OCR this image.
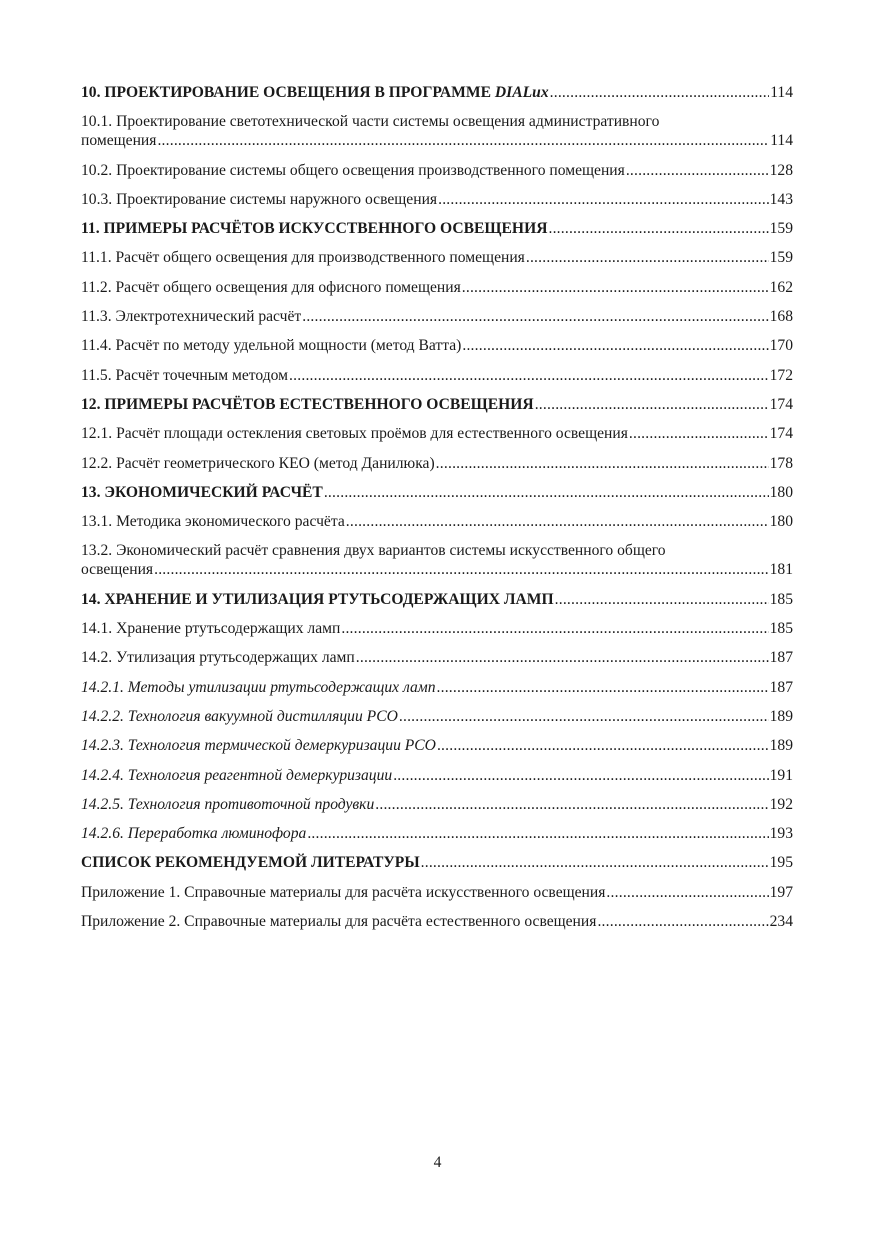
10. ПРОЕКТИРОВАНИЕ ОСВЕЩЕНИЯ В ПРОГРАММЕ DIALux .....	114
10.1. Проектирование светотехнической части системы освещения административного
помещения .....	114
10.2. Проектирование системы общего освещения производственного помещения .....	128
10.3. Проектирование системы наружного освещения .....	143
11. ПРИМЕРЫ РАСЧЁТОВ ИСКУССТВЕННОГО ОСВЕЩЕНИЯ .....	159
11.1. Расчёт общего освещения для производственного помещения .....	159
11.2. Расчёт общего освещения для офисного помещения .....	162
11.3. Электротехнический расчёт .....	168
11.4. Расчёт по методу удельной мощности (метод Ватта) .....	170
11.5. Расчёт точечным методом .....	172
12. ПРИМЕРЫ РАСЧЁТОВ ЕСТЕСТВЕННОГО ОСВЕЩЕНИЯ .....	174
12.1. Расчёт площади остекления световых проёмов для естественного освещения .....	174
12.2. Расчёт геометрического КЕО (метод Данилюка) .....	178
13. ЭКОНОМИЧЕСКИЙ РАСЧЁТ .....	180
13.1. Методика экономического расчёта .....	180
13.2. Экономический расчёт сравнения двух вариантов системы искусственного общего
освещения .....	181
14. ХРАНЕНИЕ И УТИЛИЗАЦИЯ РТУТЬСОДЕРЖАЩИХ ЛАМП .....	185
14.1. Хранение ртутьсодержащих ламп .....	185
14.2. Утилизация ртутьсодержащих ламп .....	187
14.2.1. Методы утилизации ртутьсодержащих ламп .....	187
14.2.2. Технология вакуумной дистилляции РСО .....	189
14.2.3. Технология термической демеркуризации РСО .....	189
14.2.4. Технология реагентной демеркуризации .....	191
14.2.5. Технология противоточной продувки .....	192
14.2.6. Переработка люминофора .....	193
СПИСОК РЕКОМЕНДУЕМОЙ ЛИТЕРАТУРЫ .....	195
Приложение 1. Справочные материалы для расчёта искусственного освещения .....	197
Приложение 2. Справочные материалы для расчёта естественного освещения .....	234
4
